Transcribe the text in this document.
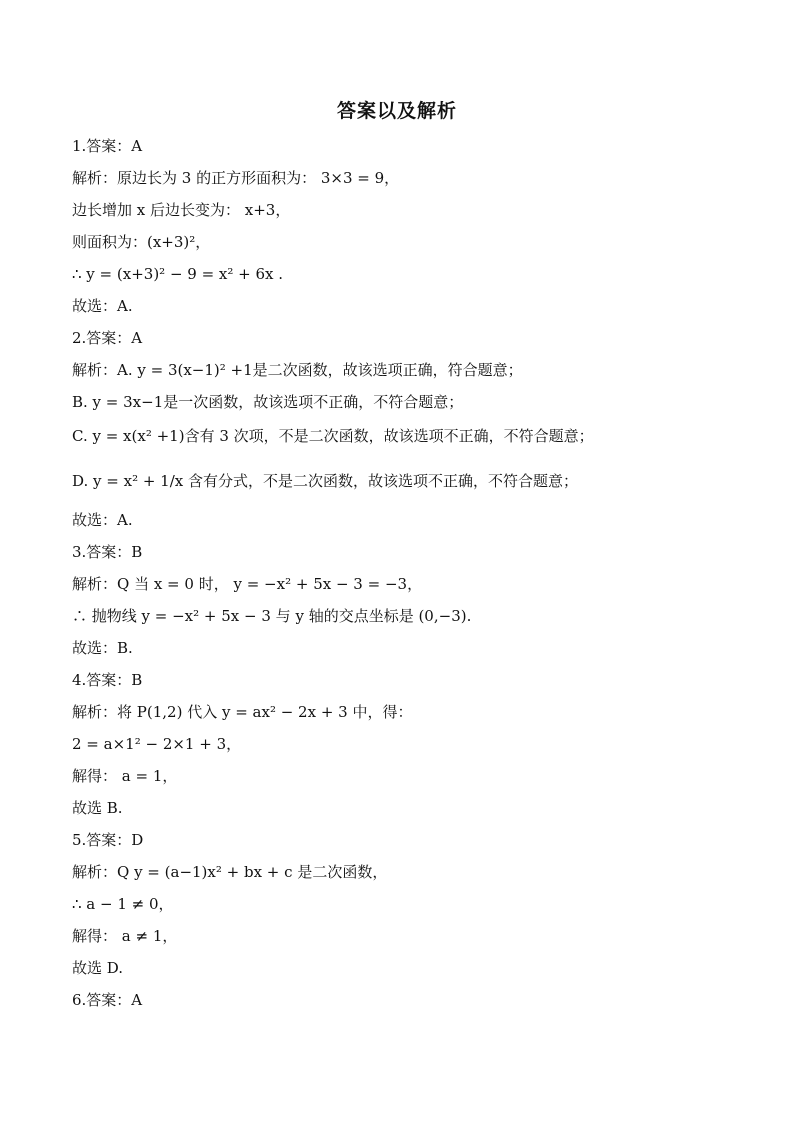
答案以及解析
1.答案：A
解析：原边长为 3 的正方形面积为： 3×3 = 9，
边长增加 x 后边长变为： x+3，
则面积为：(x+3)²，
∴ y = (x+3)² − 9 = x² + 6x .
故选：A.
2.答案：A
解析：A. y = 3(x−1)² +1是二次函数，故该选项正确，符合题意；
B. y = 3x−1是一次函数，故该选项不正确，不符合题意；
C. y = x(x² +1)含有 3 次项，不是二次函数，故该选项不正确，不符合题意；
D. y = x² + 1/x 含有分式，不是二次函数，故该选项不正确，不符合题意；
故选：A.
3.答案：B
解析：Q 当 x = 0 时， y = −x² + 5x − 3 = −3，
∴ 抛物线 y = −x² + 5x − 3 与 y 轴的交点坐标是 (0,−3).
故选：B.
4.答案：B
解析：将 P(1,2) 代入 y = ax² − 2x + 3 中，得：
2 = a×1² − 2×1 + 3，
解得： a = 1，
故选 B.
5.答案：D
解析：Q y = (a−1)x² + bx + c 是二次函数，
∴ a − 1 ≠ 0，
解得： a ≠ 1，
故选 D.
6.答案：A
